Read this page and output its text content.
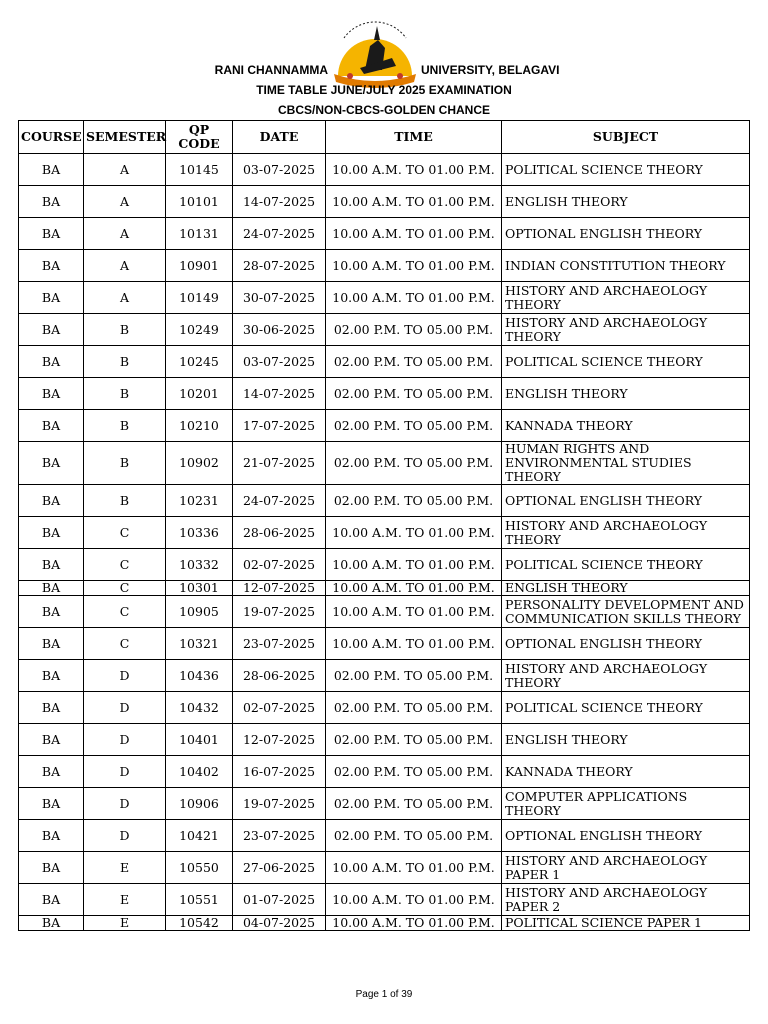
RANI CHANNAMMA	UNIVERSITY, BELAGAVI
TIME TABLE JUNE/JULY 2025 EXAMINATION
CBCS/NON-CBCS-GOLDEN CHANCE
COURSE	SEMESTER	QP CODE	DATE	TIME	SUBJECT
BA	A	10145	03-07-2025	10.00 A.M. TO 01.00 P.M.	POLITICAL SCIENCE THEORY
BA	A	10101	14-07-2025	10.00 A.M. TO 01.00 P.M.	ENGLISH THEORY
BA	A	10131	24-07-2025	10.00 A.M. TO 01.00 P.M.	OPTIONAL ENGLISH THEORY
BA	A	10901	28-07-2025	10.00 A.M. TO 01.00 P.M.	INDIAN CONSTITUTION THEORY
BA	A	10149	30-07-2025	10.00 A.M. TO 01.00 P.M.	HISTORY AND ARCHAEOLOGY THEORY
BA	B	10249	30-06-2025	02.00 P.M. TO 05.00 P.M.	HISTORY AND ARCHAEOLOGY THEORY
BA	B	10245	03-07-2025	02.00 P.M. TO 05.00 P.M.	POLITICAL SCIENCE THEORY
BA	B	10201	14-07-2025	02.00 P.M. TO 05.00 P.M.	ENGLISH THEORY
BA	B	10210	17-07-2025	02.00 P.M. TO 05.00 P.M.	KANNADA THEORY
BA	B	10902	21-07-2025	02.00 P.M. TO 05.00 P.M.	HUMAN RIGHTS AND ENVIRONMENTAL STUDIES THEORY
BA	B	10231	24-07-2025	02.00 P.M. TO 05.00 P.M.	OPTIONAL ENGLISH THEORY
BA	C	10336	28-06-2025	10.00 A.M. TO 01.00 P.M.	HISTORY AND ARCHAEOLOGY THEORY
BA	C	10332	02-07-2025	10.00 A.M. TO 01.00 P.M.	POLITICAL SCIENCE THEORY
BA	C	10301	12-07-2025	10.00 A.M. TO 01.00 P.M.	ENGLISH THEORY
BA	C	10905	19-07-2025	10.00 A.M. TO 01.00 P.M.	PERSONALITY DEVELOPMENT AND COMMUNICATION SKILLS THEORY
BA	C	10321	23-07-2025	10.00 A.M. TO 01.00 P.M.	OPTIONAL ENGLISH THEORY
BA	D	10436	28-06-2025	02.00 P.M. TO 05.00 P.M.	HISTORY AND ARCHAEOLOGY THEORY
BA	D	10432	02-07-2025	02.00 P.M. TO 05.00 P.M.	POLITICAL SCIENCE THEORY
BA	D	10401	12-07-2025	02.00 P.M. TO 05.00 P.M.	ENGLISH THEORY
BA	D	10402	16-07-2025	02.00 P.M. TO 05.00 P.M.	KANNADA THEORY
BA	D	10906	19-07-2025	02.00 P.M. TO 05.00 P.M.	COMPUTER APPLICATIONS THEORY
BA	D	10421	23-07-2025	02.00 P.M. TO 05.00 P.M.	OPTIONAL ENGLISH THEORY
BA	E	10550	27-06-2025	10.00 A.M. TO 01.00 P.M.	HISTORY AND ARCHAEOLOGY PAPER 1
BA	E	10551	01-07-2025	10.00 A.M. TO 01.00 P.M.	HISTORY AND ARCHAEOLOGY PAPER 2
BA	E	10542	04-07-2025	10.00 A.M. TO 01.00 P.M.	POLITICAL SCIENCE PAPER 1
Page 1 of 39
